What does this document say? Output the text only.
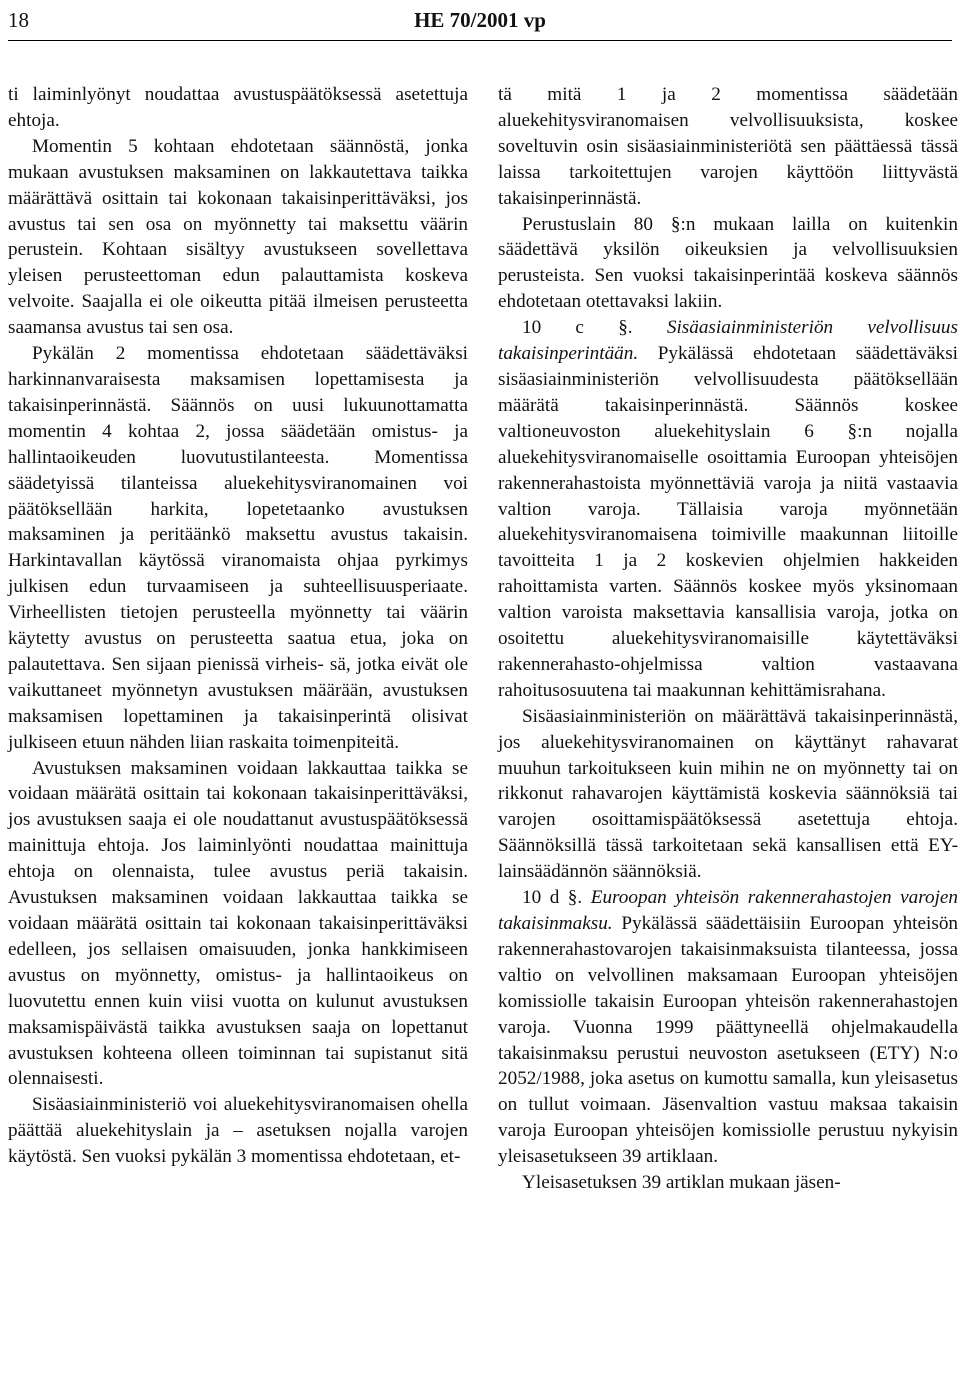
18	HE 70/2001 vp

ti laiminlyönyt noudattaa avustuspäätöksessä asetettuja ehtoja.

Momentin 5 kohtaan ehdotetaan säännöstä, jonka mukaan avustuksen maksaminen on lakkautettava taikka määrättävä osittain tai kokonaan takaisinperittäväksi, jos avustus tai sen osa on myönnetty tai maksettu väärin perustein. Kohtaan sisältyy avustukseen sovellettava yleisen perusteettoman edun palauttamista koskeva velvoite. Saajalla ei ole oikeutta pitää ilmeisen perusteetta saamansa avustus tai sen osa.

Pykälän 2 momentissa ehdotetaan säädettäväksi harkinnanvaraisesta maksamisen lopettamisesta ja takaisinperinnästä. Säännös on uusi lukuunottamatta momentin 4 kohtaa 2, jossa säädetään omistus- ja hallintaoikeuden luovutustilanteesta. Momentissa säädetyissä tilanteissa aluekehitysviranomainen voi päätöksellään harkita, lopetetaanko avustuksen maksaminen ja peritäänkö maksettu avustus takaisin. Harkintavallan käytössä viranomaista ohjaa pyrkimys julkisen edun turvaamiseen ja suhteellisuusperiaate. Virheellisten tietojen perusteella myönnetty tai väärin käytetty avustus on perusteetta saatua etua, joka on palautettava. Sen sijaan pienissä virheis- sä, jotka eivät ole vaikuttaneet myönnetyn avustuksen määrään, avustuksen maksamisen lopettaminen ja takaisinperintä olisivat julkiseen etuun nähden liian raskaita toimenpiteitä.

Avustuksen maksaminen voidaan lakkauttaa taikka se voidaan määrätä osittain tai kokonaan takaisinperittäväksi, jos avustuksen saaja ei ole noudattanut avustuspäätöksessä mainittuja ehtoja. Jos laiminlyönti noudattaa mainittuja ehtoja on olennaista, tulee avustus periä takaisin. Avustuksen maksaminen voidaan lakkauttaa taikka se voidaan määrätä osittain tai kokonaan takaisinperittäväksi edelleen, jos sellaisen omaisuuden, jonka hankkimiseen avustus on myönnetty, omistus- ja hallintaoikeus on luovutettu ennen kuin viisi vuotta on kulunut avustuksen maksamispäivästä taikka avustuksen saaja on lopettanut avustuksen kohteena olleen toiminnan tai supistanut sitä olennaisesti.

Sisäasiainministeriö voi aluekehitysviranomaisen ohella päättää aluekehityslain ja – asetuksen nojalla varojen käytöstä. Sen vuoksi pykälän 3 momentissa ehdotetaan, et-

tä mitä 1 ja 2 momentissa säädetään aluekehitysviranomaisen velvollisuuksista, koskee soveltuvin osin sisäasiainministeriötä sen päättäessä tässä laissa tarkoitettujen varojen käyttöön liittyvästä takaisinperinnästä.

Perustuslain 80 §:n mukaan lailla on kuitenkin säädettävä yksilön oikeuksien ja velvollisuuksien perusteista. Sen vuoksi takaisinperintää koskeva säännös ehdotetaan otettavaksi lakiin.

10 c §. Sisäasiainministeriön velvollisuus takaisinperintään. Pykälässä ehdotetaan säädettäväksi sisäasiainministeriön velvollisuudesta päätöksellään määrätä takaisinperinnästä. Säännös koskee valtioneuvoston aluekehityslain 6 §:n nojalla aluekehitysviranomaiselle osoittamia Euroopan yhteisöjen rakennerahastoista myönnettäviä varoja ja niitä vastaavia valtion varoja. Tällaisia varoja myönnetään aluekehitysviranomaisena toimiville maakunnan liitoille tavoitteita 1 ja 2 koskevien ohjelmien hakkeiden rahoittamista varten. Säännös koskee myös yksinomaan valtion varoista maksettavia kansallisia varoja, jotka on osoitettu aluekehitysviranomaisille käytettäväksi rakennerahasto-ohjelmissa valtion vastaavana rahoitusosuutena tai maakunnan kehittämisrahana.

Sisäasiainministeriön on määrättävä takaisinperinnästä, jos aluekehitysviranomainen on käyttänyt rahavarat muuhun tarkoitukseen kuin mihin ne on myönnetty tai on rikkonut rahavarojen käyttämistä koskevia säännöksiä tai varojen osoittamispäätöksessä asetettuja ehtoja. Säännöksillä tässä tarkoitetaan sekä kansallisen että EY-lainsäädännön säännöksiä.

10 d §. Euroopan yhteisön rakennerahastojen varojen takaisinmaksu. Pykälässä säädettäisiin Euroopan yhteisön rakennerahastovarojen takaisinmaksuista tilanteessa, jossa valtio on velvollinen maksamaan Euroopan yhteisöjen komissiolle takaisin Euroopan yhteisön rakennerahastojen varoja. Vuonna 1999 päättyneellä ohjelmakaudella takaisinmaksu perustui neuvoston asetukseen (ETY) N:o 2052/1988, joka asetus on kumottu samalla, kun yleisasetus on tullut voimaan. Jäsenvaltion vastuu maksaa takaisin varoja Euroopan yhteisöjen komissiolle perustuu nykyisin yleisasetukseen 39 artiklaan.

Yleisasetuksen 39 artiklan mukaan jäsen-
